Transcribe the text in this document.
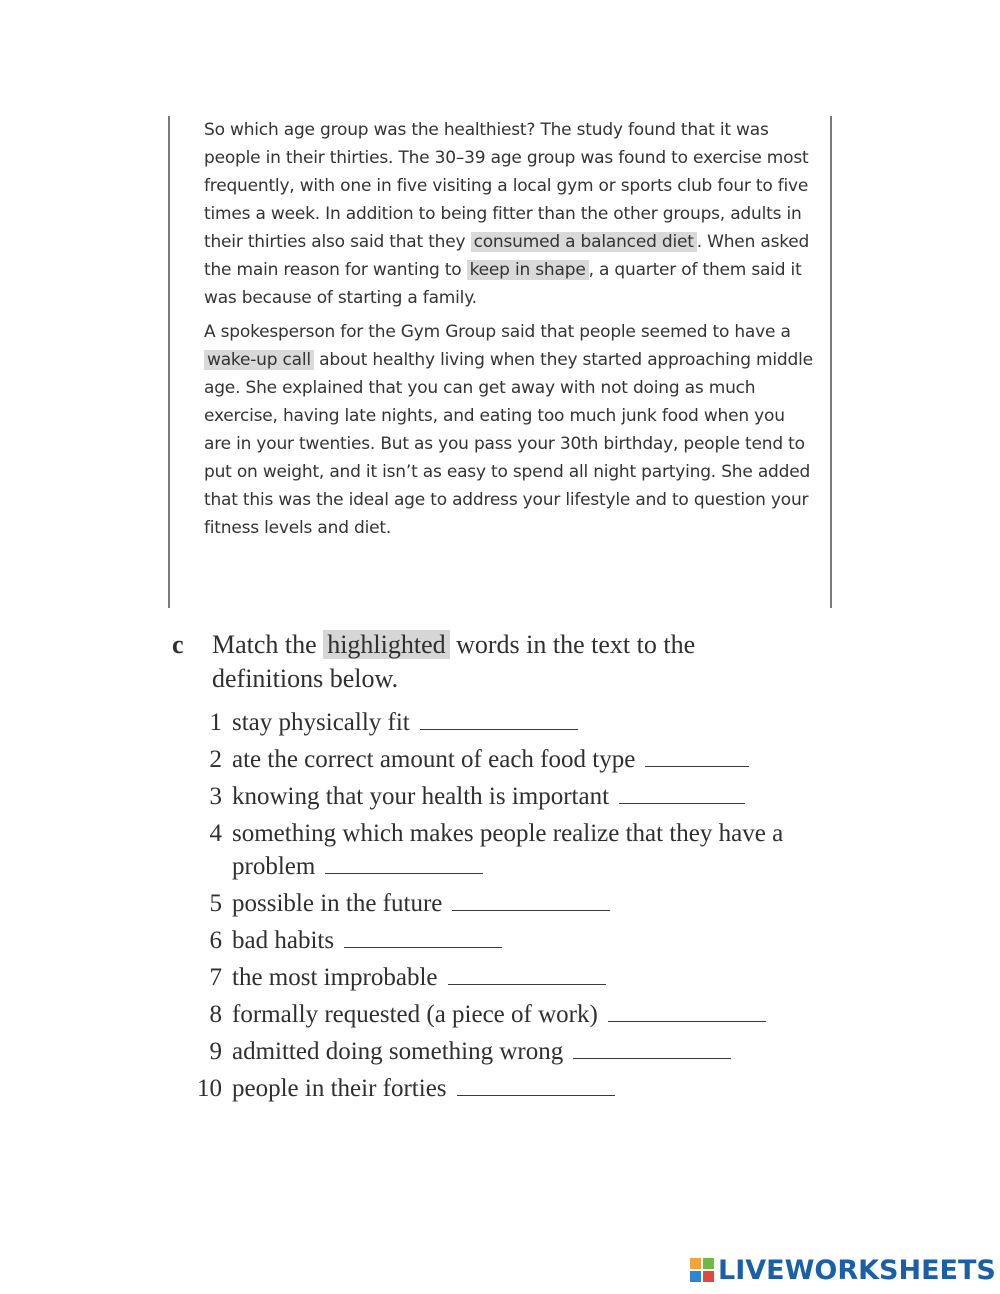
So which age group was the healthiest? The study found that it was people in their thirties. The 30–39 age group was found to exercise most frequently, with one in five visiting a local gym or sports club four to five times a week. In addition to being fitter than the other groups, adults in their thirties also said that they consumed a balanced diet . When asked the main reason for wanting to keep in shape , a quarter of them said it was because of starting a family.

A spokesperson for the Gym Group said that people seemed to have a wake-up call about healthy living when they started approaching middle age. She explained that you can get away with not doing as much exercise, having late nights, and eating too much junk food when you are in your twenties. But as you pass your 30th birthday, people tend to put on weight, and it isn’t as easy to spend all night partying. She added that this was the ideal age to address your lifestyle and to question your fitness levels and diet.

c	Match the highlighted words in the text to the definitions below.
1 stay physically fit
2 ate the correct amount of each food type
3 knowing that your health is important
4 something which makes people realize that they have a problem
5 possible in the future
6 bad habits
7 the most improbable
8 formally requested (a piece of work)
9 admitted doing something wrong
10 people in their forties
LIVEWORKSHEETS
